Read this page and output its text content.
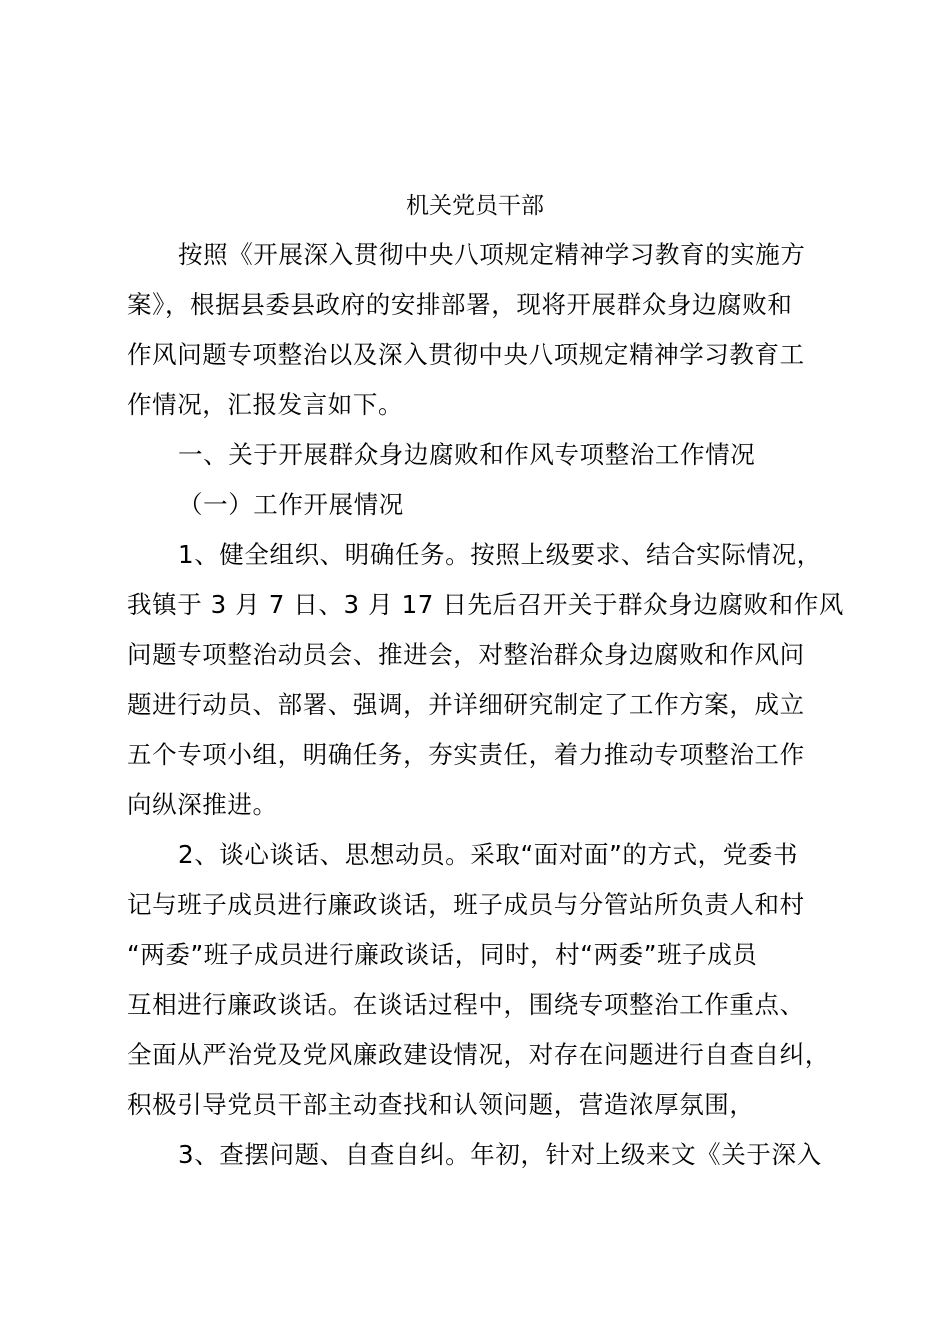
机关党员干部
按照《开展深入贯彻中央八项规定精神学习教育的实施方
案》，根据县委县政府的安排部署，现将开展群众身边腐败和
作风问题专项整治以及深入贯彻中央八项规定精神学习教育工
作情况，汇报发言如下。
一、关于开展群众身边腐败和作风专项整治工作情况
（一）工作开展情况
1、健全组织、明确任务。按照上级要求、结合实际情况，
我镇于 3 月 7 日、3 月 17 日先后召开关于群众身边腐败和作风
问题专项整治动员会、推进会，对整治群众身边腐败和作风问
题进行动员、部署、强调，并详细研究制定了工作方案，成立
五个专项小组，明确任务，夯实责任，着力推动专项整治工作
向纵深推进。
2、谈心谈话、思想动员。采取“面对面”的方式，党委书
记与班子成员进行廉政谈话，班子成员与分管站所负责人和村
“两委”班子成员进行廉政谈话，同时，村“两委”班子成员
互相进行廉政谈话。在谈话过程中，围绕专项整治工作重点、
全面从严治党及党风廉政建设情况，对存在问题进行自查自纠，
积极引导党员干部主动查找和认领问题，营造浓厚氛围，
3、查摆问题、自查自纠。年初，针对上级来文《关于深入
